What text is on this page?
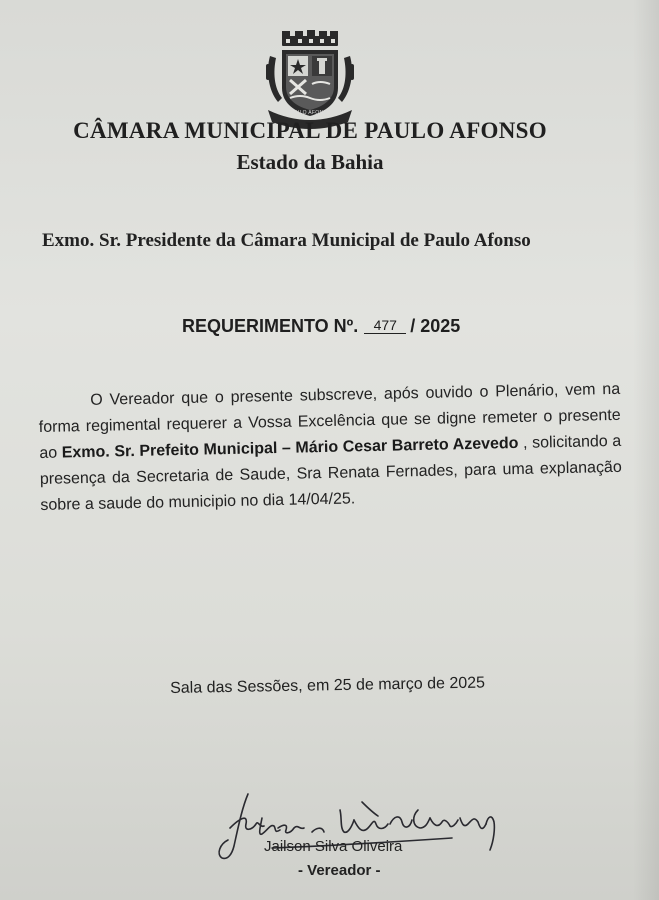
PAULO AFONSO
CÂMARA MUNICIPAL DE PAULO AFONSO
Estado da Bahia
Exmo. Sr. Presidente da Câmara Municipal de Paulo Afonso
REQUERIMENTO Nº. 477 / 2025

O Vereador que o presente subscreve, após ouvido o Plenário, vem na forma regimental requerer a Vossa Excelência que se digne remeter o presente ao Exmo. Sr. Prefeito Municipal – Mário Cesar Barreto Azevedo , solicitando a presença da Secretaria de Saude, Sra Renata Fernades, para uma explanação sobre a saude do municipio no dia 14/04/25.

Sala das Sessões, em 25 de março de 2025
Jailson Silva Oliveira
- Vereador -
